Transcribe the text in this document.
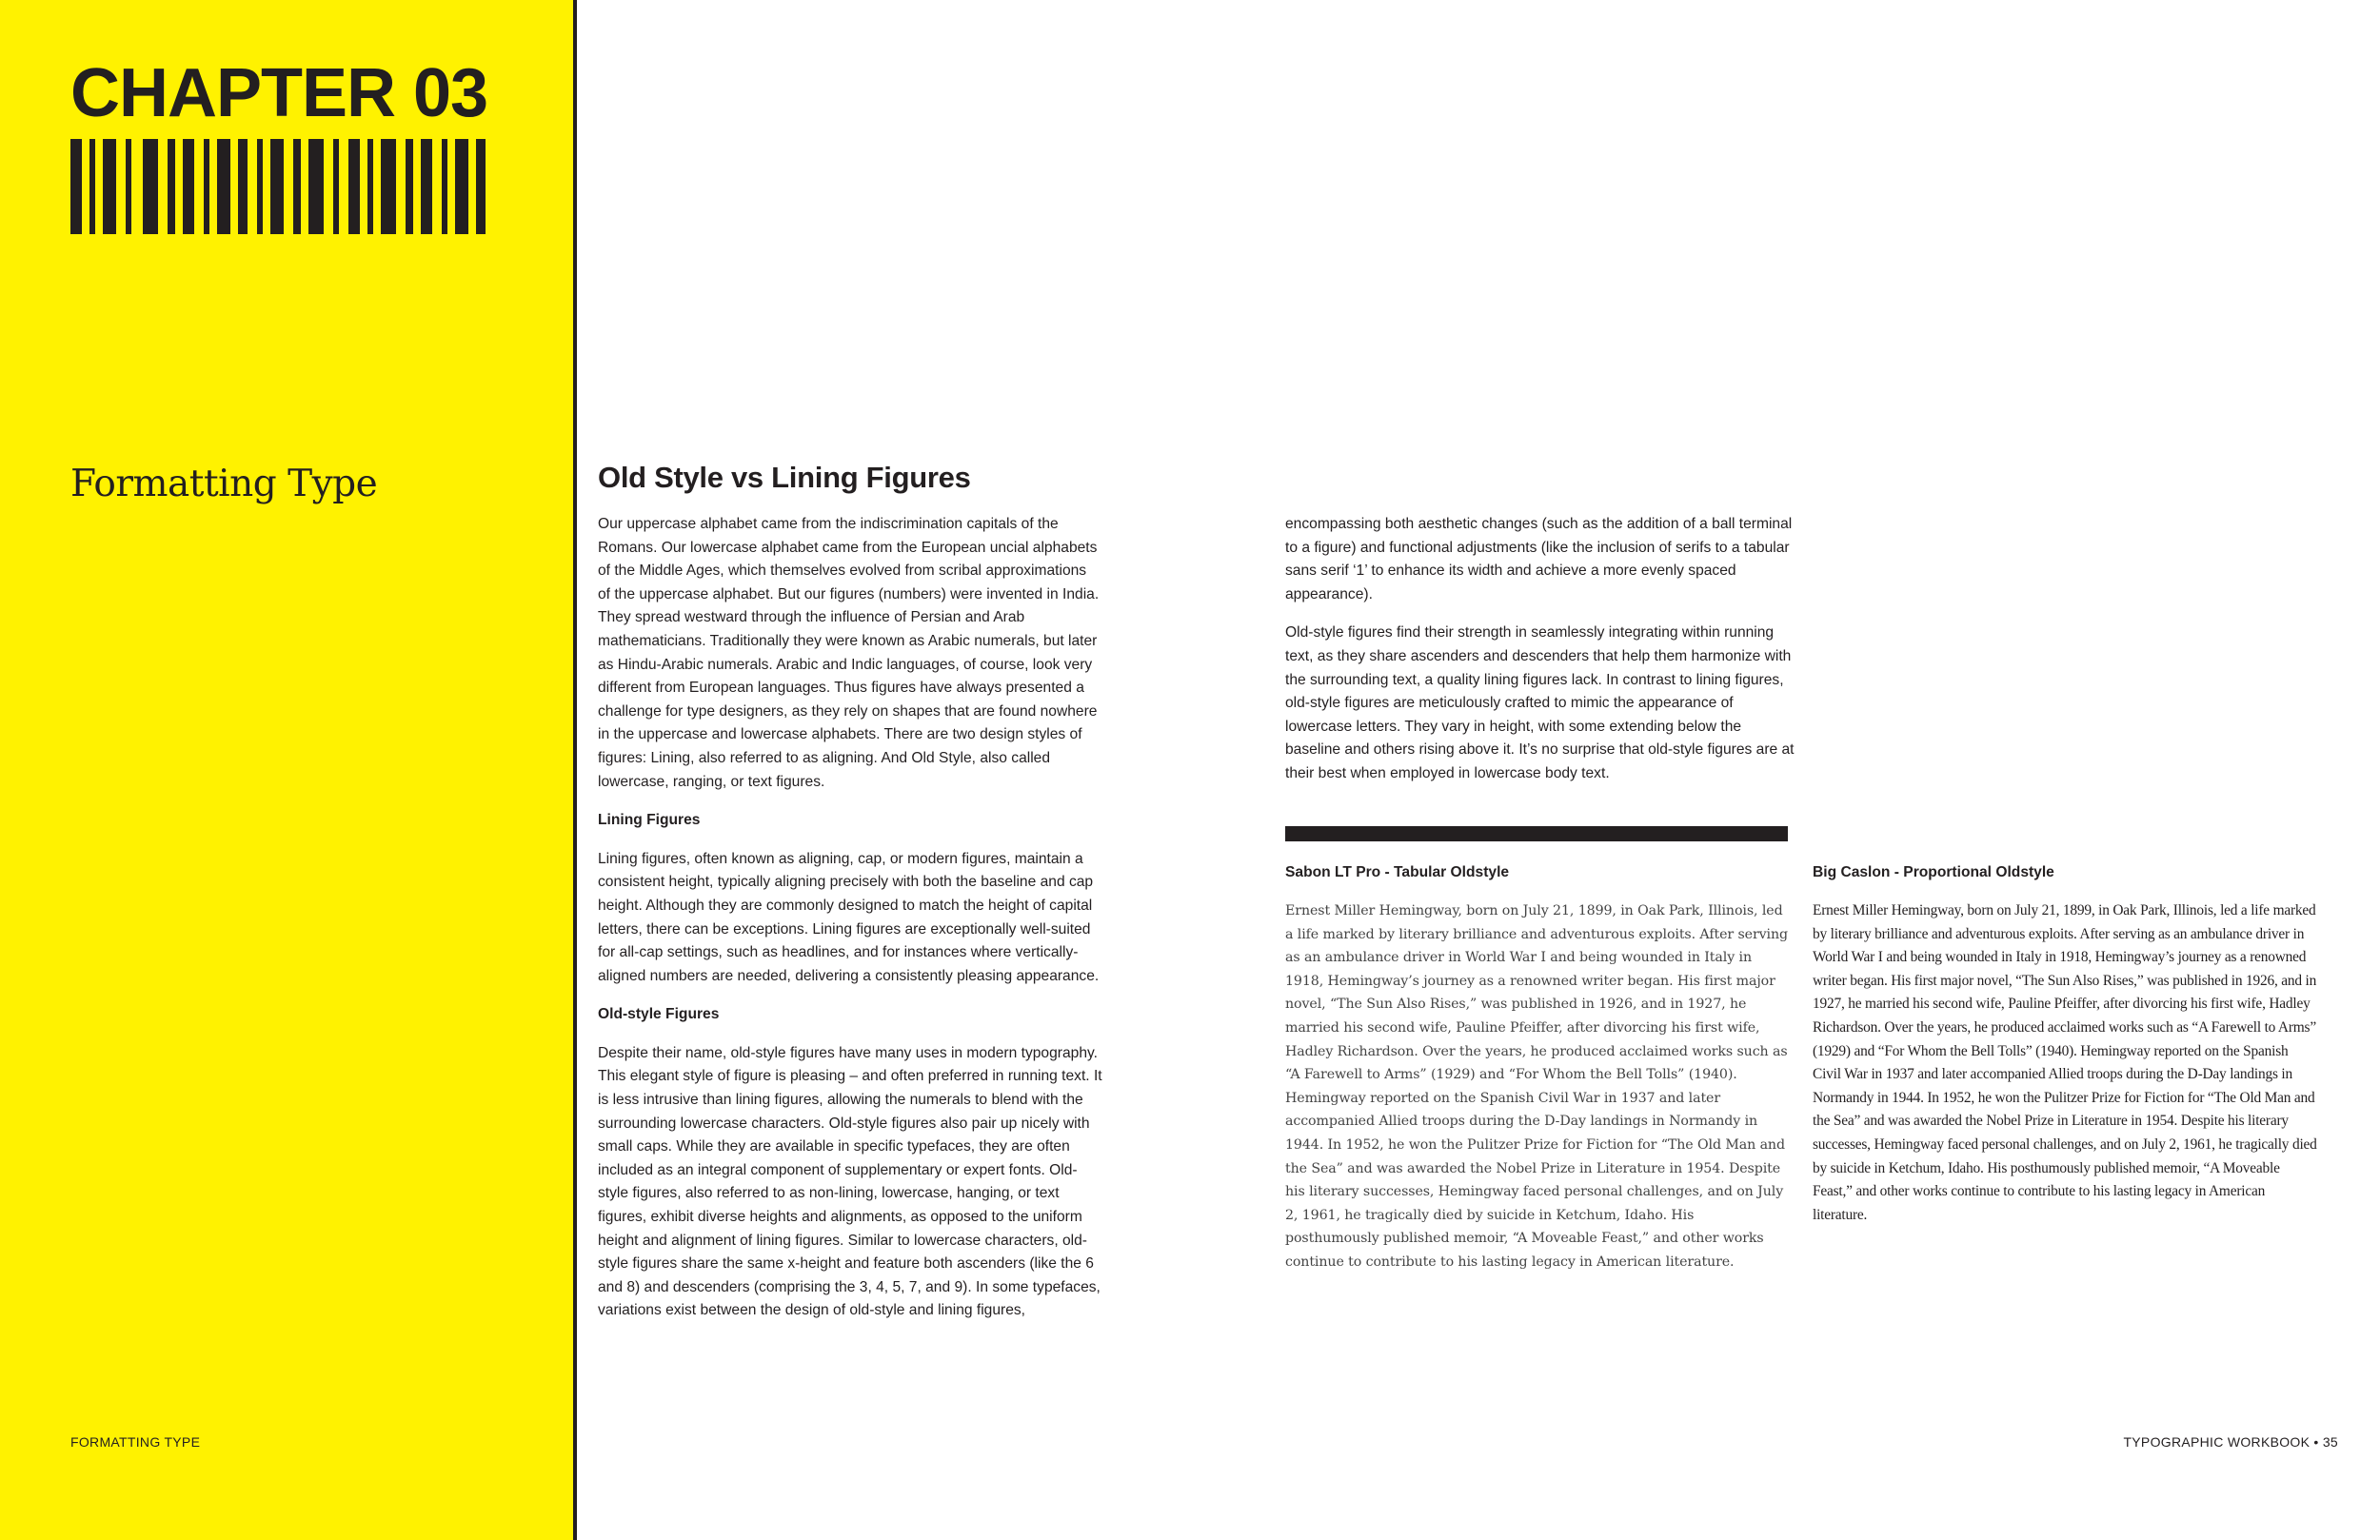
CHAPTER 03
Formatting Type
FORMATTING TYPE
Old Style vs Lining Figures

Our uppercase alphabet came from the indiscrimination capitals of the Romans. Our lowercase alphabet came from the European uncial alphabets of the Middle Ages, which themselves evolved from scribal approximations of the uppercase alphabet. But our figures (numbers) were invented in India. They spread westward through the influence of Persian and Arab mathematicians. Traditionally they were known as Arabic numerals, but later as Hindu-Arabic numerals. Arabic and Indic languages, of course, look very different from European languages. Thus figures have always presented a challenge for type designers, as they rely on shapes that are found nowhere in the uppercase and lowercase alphabets. There are two design styles of figures: Lining, also referred to as aligning. And Old Style, also called lowercase, ranging, or text figures.

Lining Figures

Lining figures, often known as aligning, cap, or modern figures, maintain a consistent height, typically aligning precisely with both the baseline and cap height. Although they are commonly designed to match the height of capital letters, there can be exceptions. Lining figures are exceptionally well-suited for all-cap settings, such as headlines, and for instances where vertically-aligned numbers are needed, delivering a consistently pleasing appearance.

Old-style Figures

Despite their name, old-style figures have many uses in modern typography. This elegant style of figure is pleasing – and often preferred in running text. It is less intrusive than lining figures, allowing the numerals to blend with the surrounding lowercase characters. Old-style figures also pair up nicely with small caps. While they are available in specific typefaces, they are often included as an integral component of supplementary or expert fonts. Old-style figures, also referred to as non-lining, lowercase, hanging, or text figures, exhibit diverse heights and alignments, as opposed to the uniform height and alignment of lining figures. Similar to lowercase characters, old-style figures share the same x-height and feature both ascenders (like the 6 and 8) and descenders (comprising the 3, 4, 5, 7, and 9). In some typefaces, variations exist between the design of old-style and lining figures,

encompassing both aesthetic changes (such as the addition of a ball terminal to a figure) and functional adjustments (like the inclusion of serifs to a tabular sans serif ‘1’ to enhance its width and achieve a more evenly spaced appearance).

Old-style figures find their strength in seamlessly integrating within running text, as they share ascenders and descenders that help them harmonize with the surrounding text, a quality lining figures lack. In contrast to lining figures, old-style figures are meticulously crafted to mimic the appearance of lowercase letters. They vary in height, with some extending below the baseline and others rising above it. It’s no surprise that old-style figures are at their best when employed in lowercase body text.

Sabon LT Pro - Tabular Oldstyle

Ernest Miller Hemingway, born on July 21, 1899, in Oak Park, Illinois, led a life marked by literary brilliance and adventurous exploits. After serving as an ambulance driver in World War I and being wounded in Italy in 1918, Hemingway’s journey as a renowned writer began. His first major novel, “The Sun Also Rises,” was published in 1926, and in 1927, he married his second wife, Pauline Pfeiffer, after divorcing his first wife, Hadley Richardson. Over the years, he produced acclaimed works such as “A Farewell to Arms” (1929) and “For Whom the Bell Tolls” (1940). Hemingway reported on the Spanish Civil War in 1937 and later accompanied Allied troops during the D-Day landings in Normandy in 1944. In 1952, he won the Pulitzer Prize for Fiction for “The Old Man and the Sea” and was awarded the Nobel Prize in Literature in 1954. Despite his literary successes, Hemingway faced personal challenges, and on July 2, 1961, he tragically died by suicide in Ketchum, Idaho. His posthumously published memoir, “A Moveable Feast,” and other works continue to contribute to his lasting legacy in American literature.

Big Caslon - Proportional Oldstyle

Ernest Miller Hemingway, born on July 21, 1899, in Oak Park, Illinois, led a life marked by literary brilliance and adventurous exploits. After serving as an ambulance driver in World War I and being wounded in Italy in 1918, Hemingway’s journey as a renowned writer began. His first major novel, “The Sun Also Rises,” was published in 1926, and in 1927, he married his second wife, Pauline Pfeiffer, after divorcing his first wife, Hadley Richardson. Over the years, he produced acclaimed works such as “A Farewell to Arms” (1929) and “For Whom the Bell Tolls” (1940). Hemingway reported on the Spanish Civil War in 1937 and later accompanied Allied troops during the D-Day landings in Normandy in 1944. In 1952, he won the Pulitzer Prize for Fiction for “The Old Man and the Sea” and was awarded the Nobel Prize in Literature in 1954. Despite his literary successes, Hemingway faced personal challenges, and on July 2, 1961, he tragically died by suicide in Ketchum, Idaho. His posthumously published memoir, “A Moveable Feast,” and other works continue to contribute to his lasting legacy in American literature.

TYPOGRAPHIC WORKBOOK • 35
